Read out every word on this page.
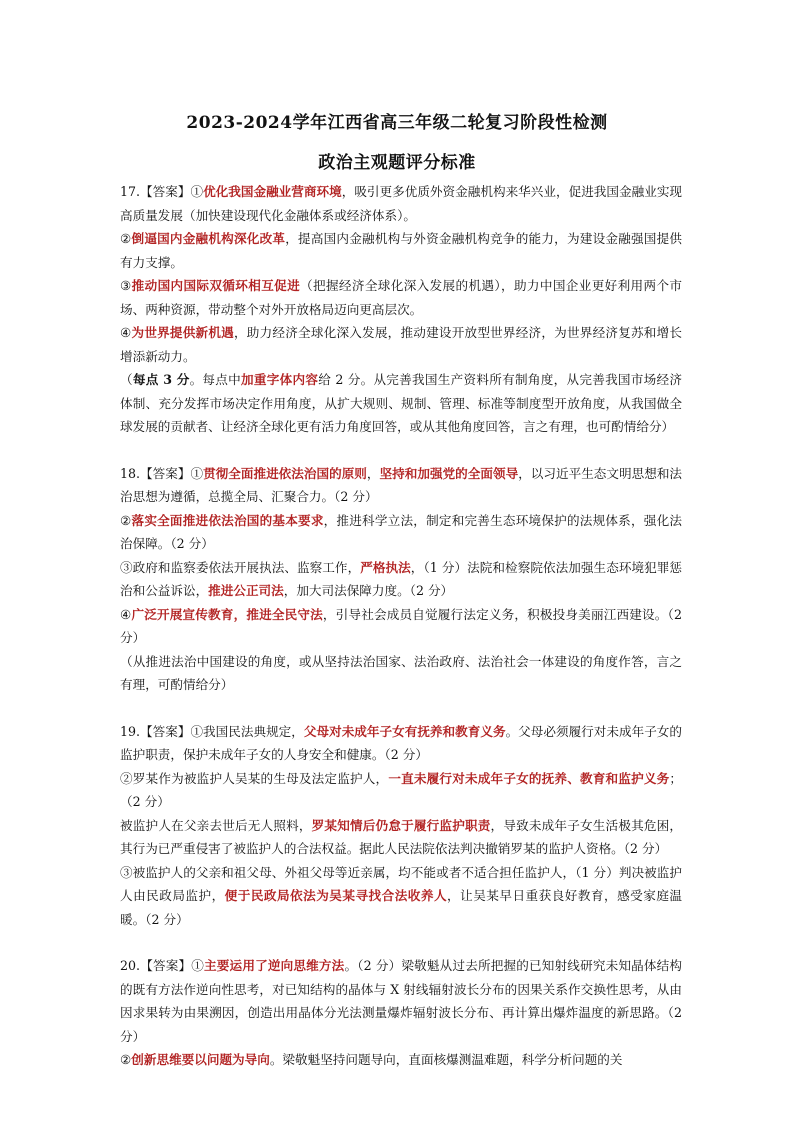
2023-2024学年江西省高三年级二轮复习阶段性检测
政治主观题评分标准

17.【答案】①优化我国金融业营商环境，吸引更多优质外资金融机构来华兴业，促进我国金融业实现高质量发展（加快建设现代化金融体系或经济体系）。

②倒逼国内金融机构深化改革，提高国内金融机构与外资金融机构竞争的能力，为建设金融强国提供有力支撑。

③推动国内国际双循环相互促进（把握经济全球化深入发展的机遇），助力中国企业更好利用两个市场、两种资源，带动整个对外开放格局迈向更高层次。

④为世界提供新机遇，助力经济全球化深入发展，推动建设开放型世界经济，为世界经济复苏和增长增添新动力。

（每点 3 分。每点中加重字体内容给 2 分。从完善我国生产资料所有制角度，从完善我国市场经济体制、充分发挥市场决定作用角度，从扩大规则、规制、管理、标准等制度型开放角度，从我国做全球发展的贡献者、让经济全球化更有活力角度回答，或从其他角度回答，言之有理，也可酌情给分）

18.【答案】①贯彻全面推进依法治国的原则，坚持和加强党的全面领导，以习近平生态文明思想和法治思想为遵循，总揽全局、汇聚合力。（2 分）

②落实全面推进依法治国的基本要求，推进科学立法，制定和完善生态环境保护的法规体系，强化法治保障。（2 分）

③政府和监察委依法开展执法、监察工作，严格执法，（1 分）法院和检察院依法加强生态环境犯罪惩治和公益诉讼，推进公正司法，加大司法保障力度。（2 分）

④广泛开展宣传教育，推进全民守法，引导社会成员自觉履行法定义务，积极投身美丽江西建设。（2 分）

（从推进法治中国建设的角度，或从坚持法治国家、法治政府、法治社会一体建设的角度作答，言之有理，可酌情给分）

19.【答案】①我国民法典规定，父母对未成年子女有抚养和教育义务。父母必须履行对未成年子女的监护职责，保护未成年子女的人身安全和健康。（2 分）

②罗某作为被监护人吴某的生母及法定监护人，一直未履行对未成年子女的抚养、教育和监护义务；（2 分）

被监护人在父亲去世后无人照料，罗某知情后仍怠于履行监护职责，导致未成年子女生活极其危困，其行为已严重侵害了被监护人的合法权益。据此人民法院依法判决撤销罗某的监护人资格。（2 分）

③被监护人的父亲和祖父母、外祖父母等近亲属，均不能或者不适合担任监护人，（1 分）判决被监护人由民政局监护，便于民政局依法为吴某寻找合法收养人，让吴某早日重获良好教育，感受家庭温暖。（2 分）

20.【答案】①主要运用了逆向思维方法。（2 分）梁敬魁从过去所把握的已知射线研究未知晶体结构的既有方法作逆向性思考，对已知结构的晶体与 X 射线辐射波长分布的因果关系作交换性思考，从由因求果转为由果溯因，创造出用晶体分光法测量爆炸辐射波长分布、再计算出爆炸温度的新思路。（2 分）

②创新思维要以问题为导向。梁敬魁坚持问题导向，直面核爆测温难题，科学分析问题的关
